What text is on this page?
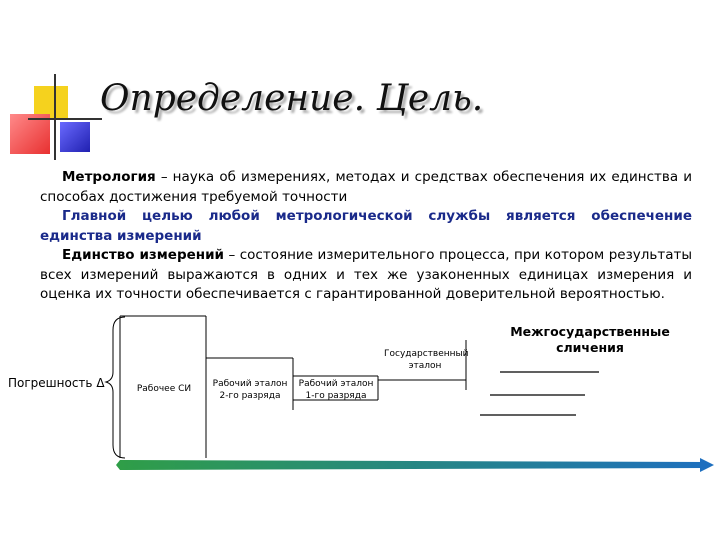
Определение. Цель.

Метрология – наука об измерениях, методах и средствах обеспечения их единства и способах достижения требуемой точности

Главной целью любой метрологической службы является обеспечение единства измерений

Единство измерений – состояние измерительного процесса, при котором результаты всех измерений выражаются в одних и тех же узаконенных единицах измерения и оценка их точности обеспечивается с гарантированной доверительной вероятностью.

Погрешность Δ	Рабочее СИ	Рабочий эталон 2-го разряда
Рабочий эталон 1-го разряда
Государственный эталон
Межгосударственные сличения
